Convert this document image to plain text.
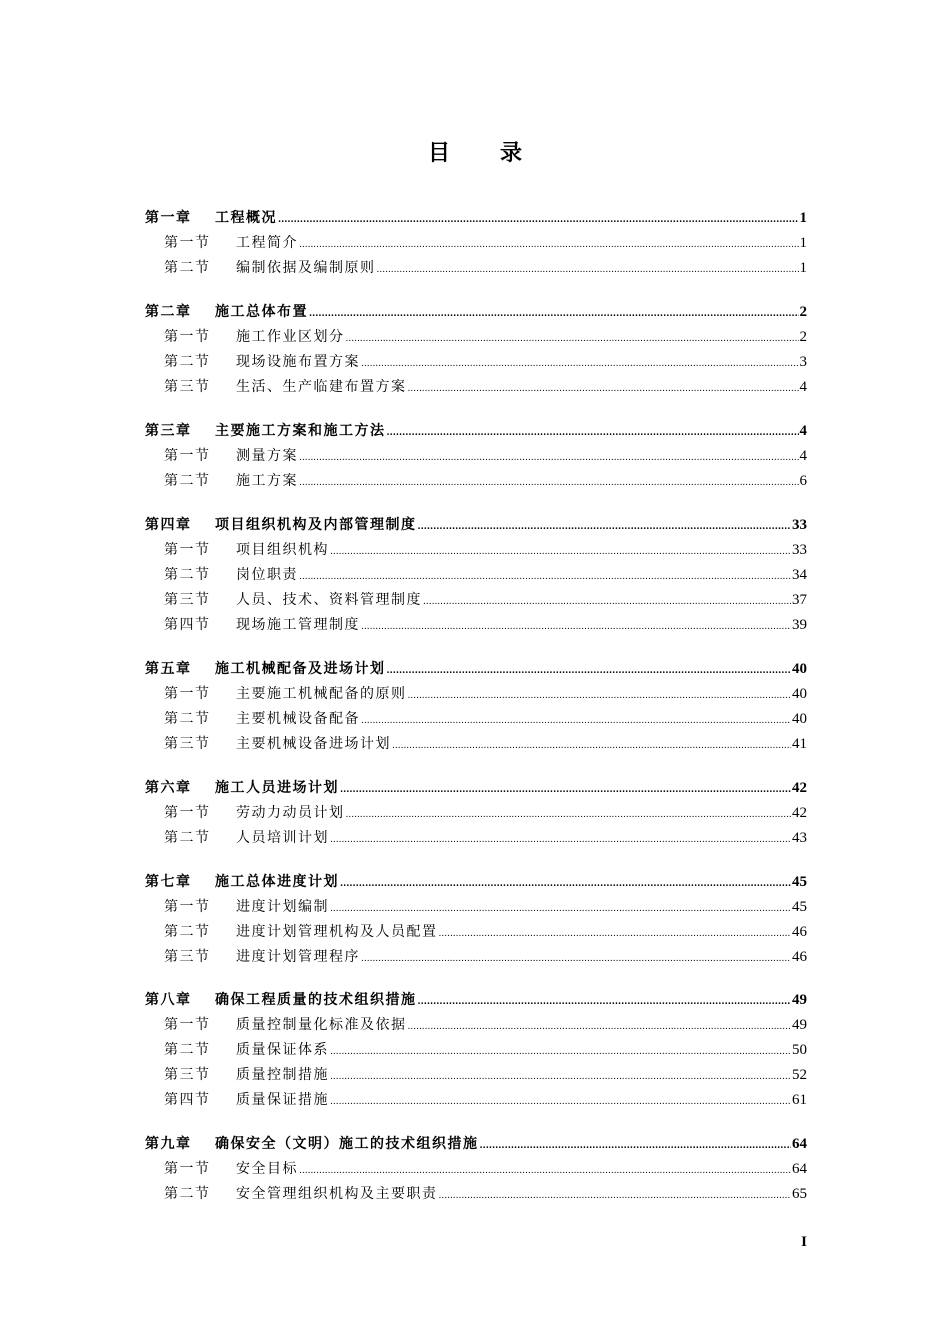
目　录
第一章	工程概况 .....	1
第一节	工程简介 .....	1
第二节	编制依据及编制原则 .....	1
第二章	施工总体布置 .....	2
第一节	施工作业区划分 .....	2
第二节	现场设施布置方案 .....	3
第三节	生活、生产临建布置方案 .....	4
第三章	主要施工方案和施工方法 .....	4
第一节	测量方案 .....	4
第二节	施工方案 .....	6
第四章	项目组织机构及内部管理制度 .....	33
第一节	项目组织机构 .....	33
第二节	岗位职责 .....	34
第三节	人员、技术、资料管理制度 .....	37
第四节	现场施工管理制度 .....	39
第五章	施工机械配备及进场计划 .....	40
第一节	主要施工机械配备的原则 .....	40
第二节	主要机械设备配备 .....	40
第三节	主要机械设备进场计划 .....	41
第六章	施工人员进场计划 .....	42
第一节	劳动力动员计划 .....	42
第二节	人员培训计划 .....	43
第七章	施工总体进度计划 .....	45
第一节	进度计划编制 .....	45
第二节	进度计划管理机构及人员配置 .....	46
第三节	进度计划管理程序 .....	46
第八章	确保工程质量的技术组织措施 .....	49
第一节	质量控制量化标准及依据 .....	49
第二节	质量保证体系 .....	50
第三节	质量控制措施 .....	52
第四节	质量保证措施 .....	61
第九章	确保安全（文明）施工的技术组织措施 .....	64
第一节	安全目标 .....	64
第二节	安全管理组织机构及主要职责 .....	65
I
